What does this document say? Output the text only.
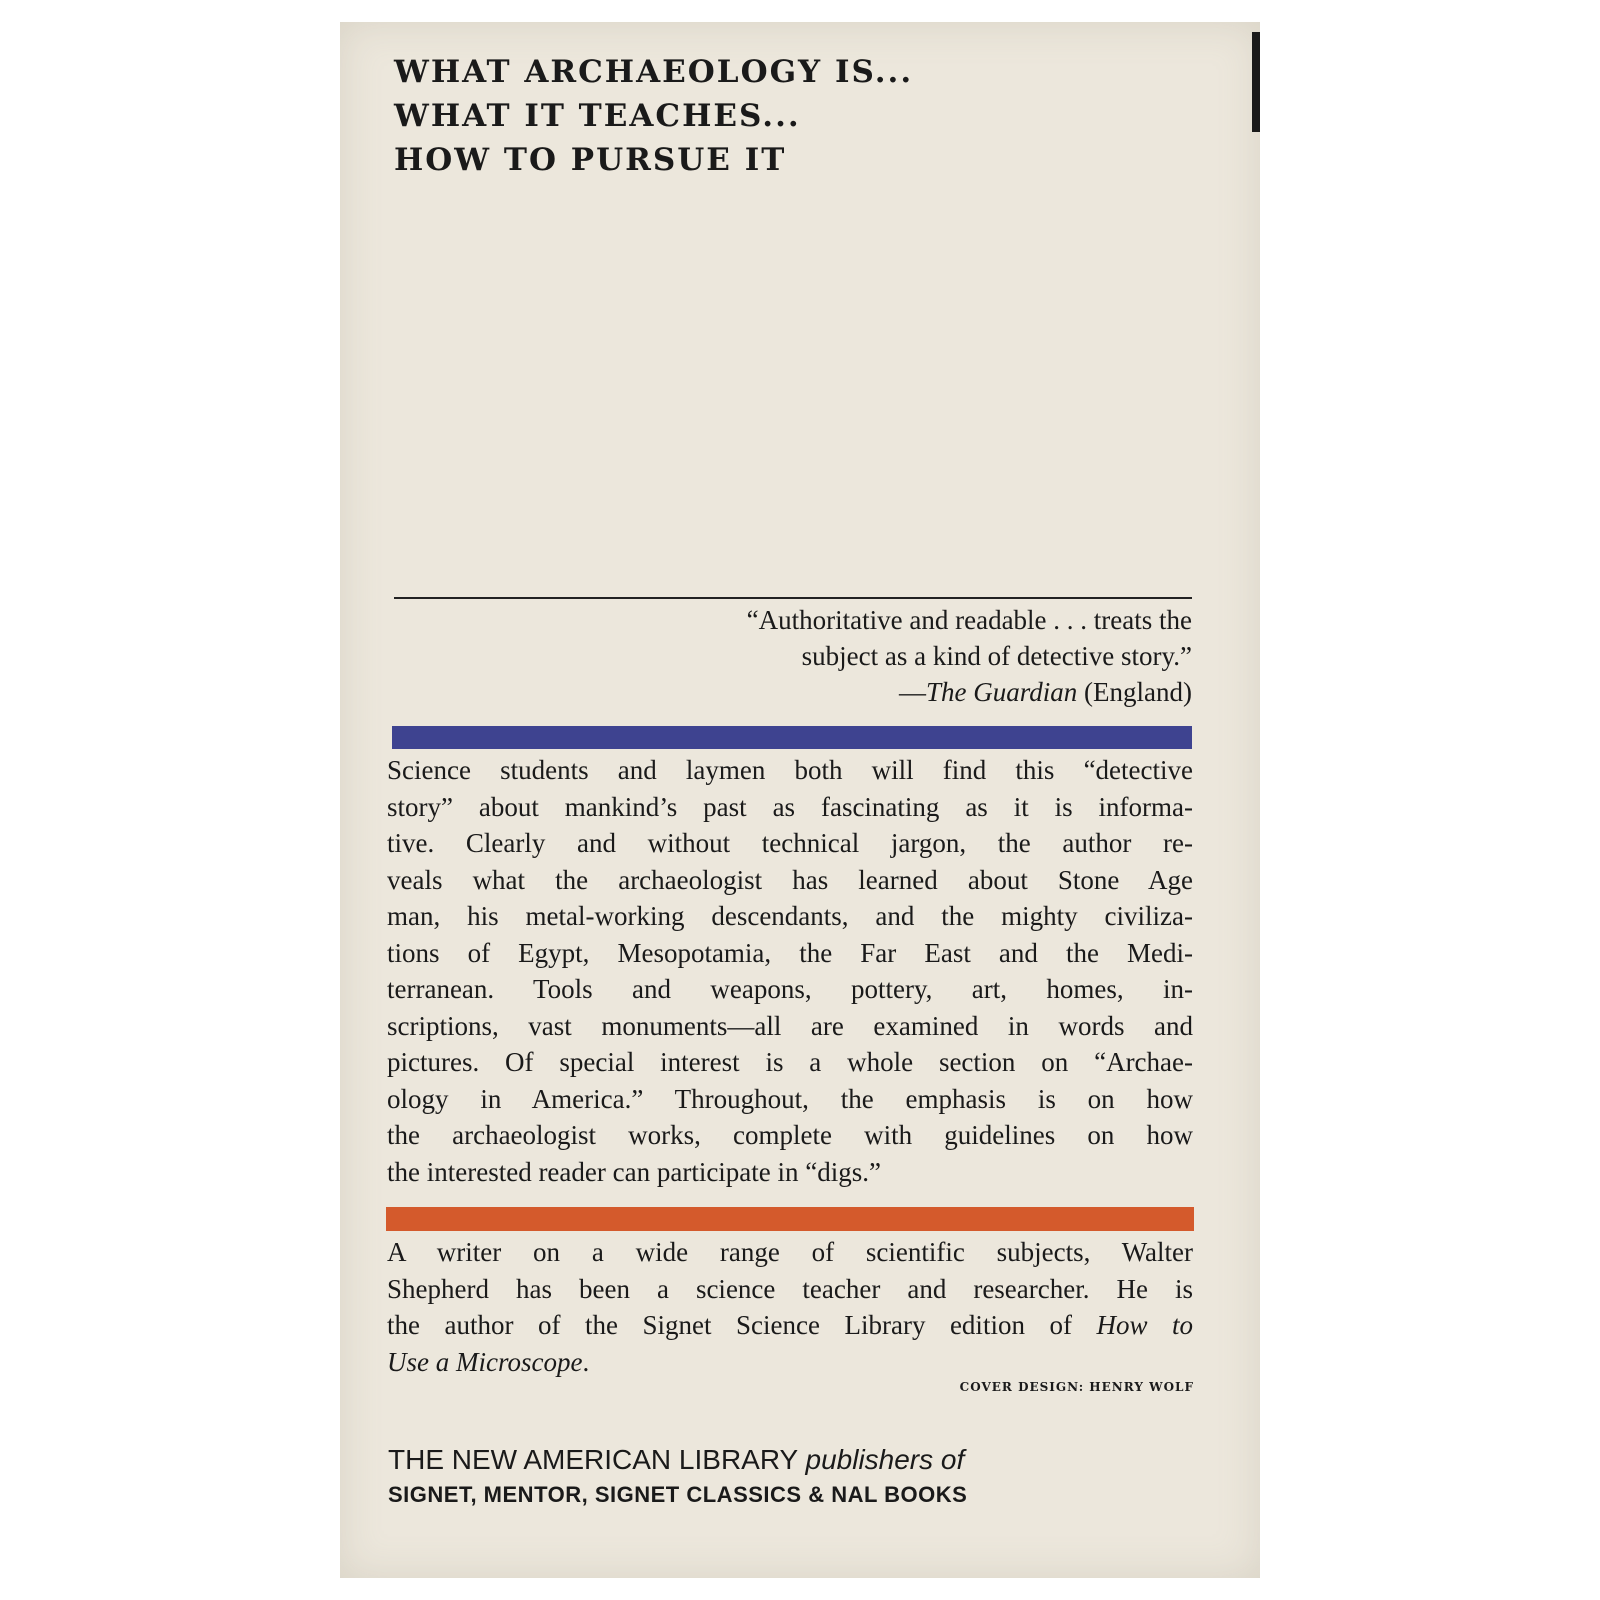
WHAT ARCHAEOLOGY IS...
WHAT IT TEACHES...
HOW TO PURSUE IT
“Authoritative and readable . . . treats the
subject as a kind of detective story.”
—The Guardian (England)
Science students and laymen both will find this “detective
story” about mankind’s past as fascinating as it is informa-
tive. Clearly and without technical jargon, the author re-
veals what the archaeologist has learned about Stone Age
man, his metal-working descendants, and the mighty civiliza-
tions of Egypt, Mesopotamia, the Far East and the Medi-
terranean. Tools and weapons, pottery, art, homes, in-
scriptions, vast monuments—all are examined in words and
pictures. Of special interest is a whole section on “Archae-
ology in America.” Throughout, the emphasis is on how
the archaeologist works, complete with guidelines on how
the interested reader can participate in “digs.”
A writer on a wide range of scientific subjects, Walter
Shepherd has been a science teacher and researcher. He is
the author of the Signet Science Library edition of How to
Use a Microscope.
COVER DESIGN: HENRY WOLF
THE NEW AMERICAN LIBRARY publishers of
SIGNET, MENTOR, SIGNET CLASSICS & NAL BOOKS
